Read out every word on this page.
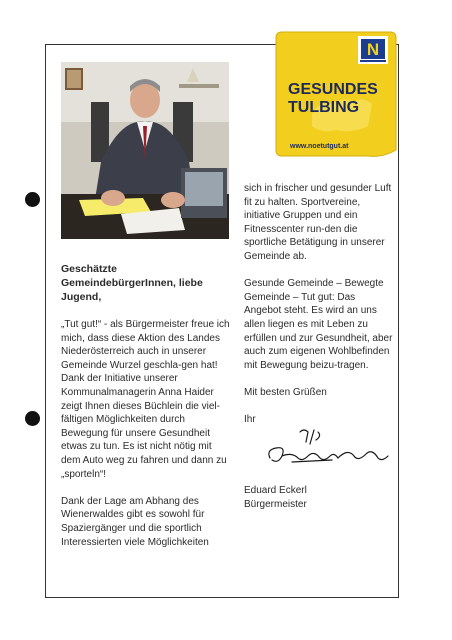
N
GESUNDES
TULBING
www.noetutgut.at

Geschätzte GemeindebürgerInnen, liebe Jugend,

„Tut gut!“ - als Bürgermeister freue ich mich, dass diese Aktion des Landes Niederösterreich auch in unserer Gemeinde Wurzel geschla-gen hat! Dank der Initiative unserer Kommunalmanagerin Anna Haider zeigt Ihnen dieses Büchlein die viel-fältigen Möglichkeiten durch Bewegung für unsere Gesundheit etwas zu tun. Es ist nicht nötig mit dem Auto weg zu fahren und dann zu „sporteln“!

Dank der Lage am Abhang des Wienerwaldes gibt es sowohl für Spaziergänger und die sportlich Interessierten viele Möglichkeiten

sich in frischer und gesunder Luft fit zu halten. Sportvereine, initiative Gruppen und ein Fitnesscenter run-den die sportliche Betätigung in unserer Gemeinde ab.

Gesunde Gemeinde – Bewegte Gemeinde – Tut gut: Das Angebot steht. Es wird an uns allen liegen es mit Leben zu erfüllen und zur Gesundheit, aber auch zum eigenen Wohlbefinden mit Bewegung beizu-tragen.

Mit besten Grüßen

Ihr

Eduard Eckerl
Bürgermeister
